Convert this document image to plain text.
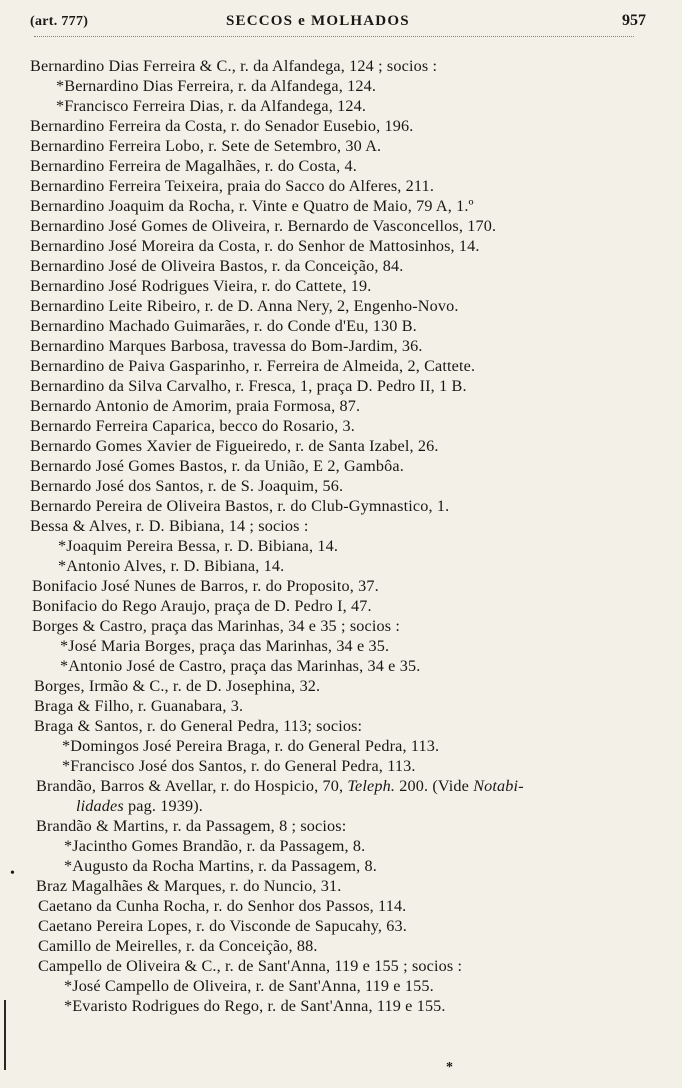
(art. 777)	SECCOS e MOLHADOS	957
Bernardino Dias Ferreira & C., r. da Alfandega, 124 ; socios :
*Bernardino Dias Ferreira, r. da Alfandega, 124.
*Francisco Ferreira Dias, r. da Alfandega, 124.
Bernardino Ferreira da Costa, r. do Senador Eusebio, 196.
Bernardino Ferreira Lobo, r. Sete de Setembro, 30 A.
Bernardino Ferreira de Magalhães, r. do Costa, 4.
Bernardino Ferreira Teixeira, praia do Sacco do Alferes, 211.
Bernardino Joaquim da Rocha, r. Vinte e Quatro de Maio, 79 A, 1.º
Bernardino José Gomes de Oliveira, r. Bernardo de Vasconcellos, 170.
Bernardino José Moreira da Costa, r. do Senhor de Mattosinhos, 14.
Bernardino José de Oliveira Bastos, r. da Conceição, 84.
Bernardino José Rodrigues Vieira, r. do Cattete, 19.
Bernardino Leite Ribeiro, r. de D. Anna Nery, 2, Engenho-Novo.
Bernardino Machado Guimarães, r. do Conde d'Eu, 130 B.
Bernardino Marques Barbosa, travessa do Bom-Jardim, 36.
Bernardino de Paiva Gasparinho, r. Ferreira de Almeida, 2, Cattete.
Bernardino da Silva Carvalho, r. Fresca, 1, praça D. Pedro II, 1 B.
Bernardo Antonio de Amorim, praia Formosa, 87.
Bernardo Ferreira Caparica, becco do Rosario, 3.
Bernardo Gomes Xavier de Figueiredo, r. de Santa Izabel, 26.
Bernardo José Gomes Bastos, r. da União, E 2, Gambôa.
Bernardo José dos Santos, r. de S. Joaquim, 56.
Bernardo Pereira de Oliveira Bastos, r. do Club-Gymnastico, 1.
Bessa & Alves, r. D. Bibiana, 14 ; socios :
*Joaquim Pereira Bessa, r. D. Bibiana, 14.
*Antonio Alves, r. D. Bibiana, 14.
Bonifacio José Nunes de Barros, r. do Proposito, 37.
Bonifacio do Rego Araujo, praça de D. Pedro I, 47.
Borges & Castro, praça das Marinhas, 34 e 35 ; socios :
*José Maria Borges, praça das Marinhas, 34 e 35.
*Antonio José de Castro, praça das Marinhas, 34 e 35.
Borges, Irmão & C., r. de D. Josephina, 32.
Braga & Filho, r. Guanabara, 3.
Braga & Santos, r. do General Pedra, 113; socios:
*Domingos José Pereira Braga, r. do General Pedra, 113.
*Francisco José dos Santos, r. do General Pedra, 113.
Brandão, Barros & Avellar, r. do Hospicio, 70, Teleph. 200. (Vide Notabi-
lidades pag. 1939).
Brandão & Martins, r. da Passagem, 8 ; socios:
*Jacintho Gomes Brandão, r. da Passagem, 8.
*Augusto da Rocha Martins, r. da Passagem, 8.
Braz Magalhães & Marques, r. do Nuncio, 31.
Caetano da Cunha Rocha, r. do Senhor dos Passos, 114.
Caetano Pereira Lopes, r. do Visconde de Sapucahy, 63.
Camillo de Meirelles, r. da Conceição, 88.
Campello de Oliveira & C., r. de Sant'Anna, 119 e 155 ; socios :
*José Campello de Oliveira, r. de Sant'Anna, 119 e 155.
*Evaristo Rodrigues do Rego, r. de Sant'Anna, 119 e 155.
•
*
